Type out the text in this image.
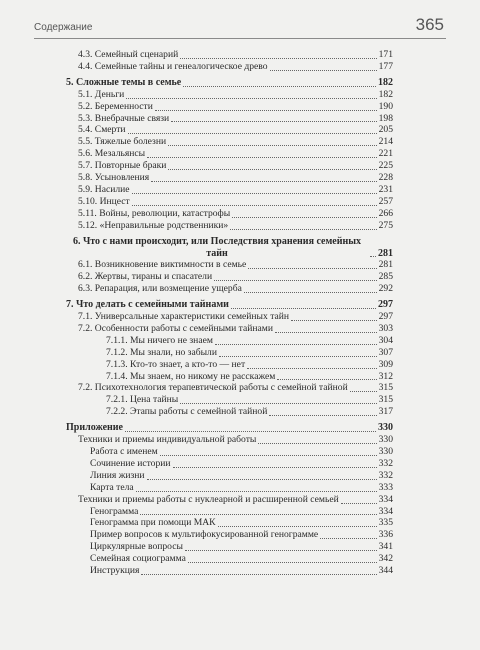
Содержание	365
4.3. Семейный сценарий	171
4.4. Семейные тайны и генеалогическое древо	177
5. Сложные темы в семье	182
5.1. Деньги	182
5.2. Беременности	190
5.3. Внебрачные связи	198
5.4. Смерти	205
5.5. Тяжелые болезни	214
5.6. Мезальянсы	221
5.7. Повторные браки	225
5.8. Усыновления	228
5.9. Насилие	231
5.10. Инцест	257
5.11. Войны, революции, катастрофы	266
5.12. «Неправильные родственники»	275
6. Что с нами происходит, или Последствия хранения семейных тайн	281
6.1. Возникновение виктимности в семье	281
6.2. Жертвы, тираны и спасатели	285
6.3. Репарация, или возмещение ущерба	292
7. Что делать с семейными тайнами	297
7.1. Универсальные характеристики семейных тайн	297
7.2. Особенности работы с семейными тайнами	303
7.1.1. Мы ничего не знаем	304
7.1.2. Мы знали, но забыли	307
7.1.3. Кто-то знает, а кто-то — нет	309
7.1.4. Мы знаем, но никому не расскажем	312
7.2. Психотехнология терапевтической работы с семейной тайной	315
7.2.1. Цена тайны	315
7.2.2. Этапы работы с семейной тайной	317
Приложение	330
Техники и приемы индивидуальной работы	330
Работа с именем	330
Сочинение истории	332
Линия жизни	332
Карта тела	333
Техники и приемы работы с нуклеарной и расширенной семьей	334
Генограмма	334
Генограмма при помощи МАК	335
Пример вопросов к мультифокусированной генограмме	336
Циркулярные вопросы	341
Семейная социограмма	342
Инструкция	344
